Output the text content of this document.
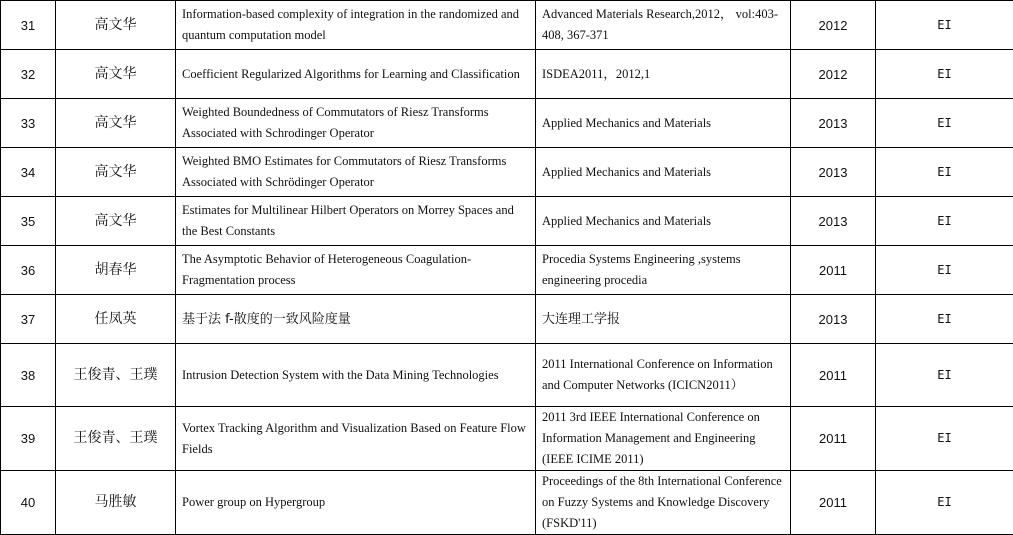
31	高文华	Information-based complexity of integration in the randomized and quantum computation model	Advanced Materials Research,2012， vol:403-408, 367-371	2012	EI
32	高文华	Coefficient Regularized Algorithms for Learning and Classification	ISDEA2011，2012,1	2012	EI
33	高文华	Weighted Boundedness of Commutators of Riesz Transforms Associated with Schrodinger Operator	Applied Mechanics and Materials	2013	EI
34	高文华	Weighted BMO Estimates for Commutators of Riesz Transforms Associated with Schrödinger Operator	Applied Mechanics and Materials	2013	EI
35	高文华	Estimates for Multilinear Hilbert Operators on Morrey Spaces and the Best Constants	Applied Mechanics and Materials	2013	EI
36	胡春华	The Asymptotic Behavior of Heterogeneous Coagulation-Fragmentation process	Procedia Systems Engineering ,systems engineering procedia	2011	EI
37	任凤英	基于法 f-散度的一致风险度量	大连理工学报	2013	EI
38	王俊青、王璞	Intrusion Detection System with the Data Mining Technologies	2011 International Conference on Information and Computer Networks (ICICN2011）	2011	EI
39	王俊青、王璞	Vortex Tracking Algorithm and Visualization Based on Feature Flow Fields	2011 3rd IEEE International Conference on Information Management and Engineering (IEEE ICIME 2011)	2011	EI
40	马胜敏	Power group on Hypergroup	Proceedings of the 8th International Conference on Fuzzy Systems and Knowledge Discovery (FSKD'11)	2011	EI
